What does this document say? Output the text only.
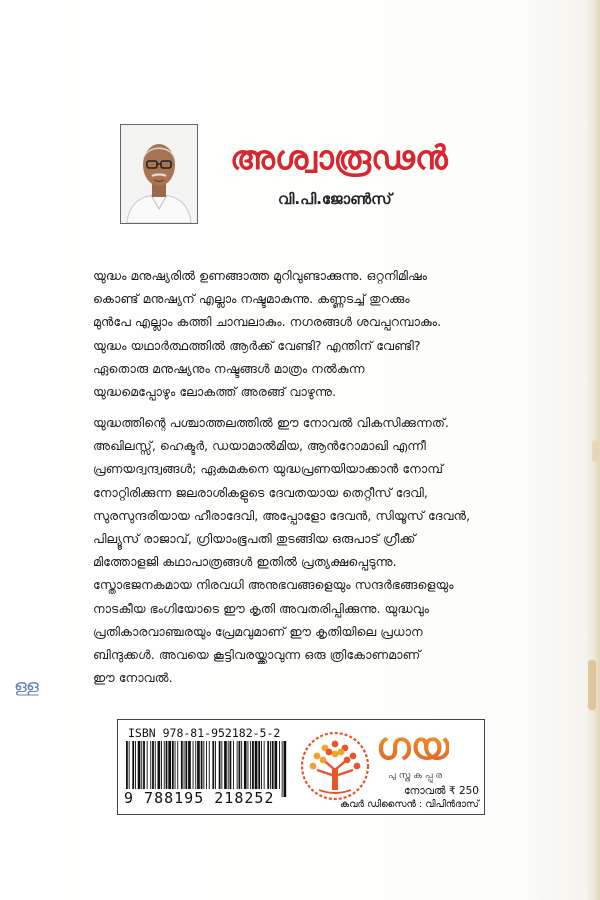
അശ്വാരൂഢൻ
വി.പി.ജോൺസ്
യുദ്ധം മനുഷ്യരിൽ ഉണങ്ങാത്ത മുറിവുണ്ടാക്കുന്നു. ഒറ്റനിമിഷം
കൊണ്ട് മനുഷ്യന് എല്ലാം നഷ്ടമാകുന്നു. കണ്ണടച്ച് തുറക്കും
മുൻപേ എല്ലാം കത്തി ചാമ്പലാകും. നഗരങ്ങൾ ശവപ്പറമ്പാകും.
യുദ്ധം യഥാർത്ഥത്തിൽ ആർക്ക് വേണ്ടി? എന്തിന് വേണ്ടി?
ഏതൊരു മനുഷ്യനും നഷ്ടങ്ങൾ മാത്രം നൽകുന്ന
യുദ്ധമെപ്പോഴും ലോകത്ത് അരങ്ങ് വാഴുന്നു.
യുദ്ധത്തിന്റെ പശ്ചാത്തലത്തിൽ ഈ നോവൽ വികസിക്കുന്നത്.
അഖിലസ്സ്, ഹെക്ടർ, ഡയാമാൽമിയ, ആൻറോമാഖി എന്നീ
പ്രണയദ്വന്ദ്വങ്ങൾ; ഏകമകനെ യുദ്ധപ്രണയിയാക്കാൻ നോമ്പ്
നോറ്റിരിക്കുന്ന ജലരാശികളുടെ ദേവതയായ തെറ്റീസ് ദേവി,
സുരസുന്ദരിയായ ഹീരാദേവി, അപ്പോളോ ദേവൻ, സിയൂസ് ദേവൻ,
പില്യൂസ് രാജാവ്, ഗ്രിയാംഭൂപതി തുടങ്ങിയ ഒരുപാട് ഗ്രീക്ക്
മിത്തോളജി കഥാപാത്രങ്ങൾ ഇതിൽ പ്രത്യക്ഷപ്പെടുന്നു.
സ്തോഭജനകമായ നിരവധി അനുഭവങ്ങളെയും സന്ദർഭങ്ങളെയും
നാടകീയ ഭംഗിയോടെ ഈ കൃതി അവതരിപ്പിക്കുന്നു. യുദ്ധവും
പ്രതികാരവാഞ്ചരയും പ്രേമവുമാണ് ഈ കൃതിയിലെ പ്രധാന
ബിന്ദുക്കൾ. അവയെ കൂട്ടിവരയ്ക്കാവുന്ന ഒരു ത്രികോണമാണ്
ഈ നോവൽ.
ള്ള
ISBN 978-81-952182-5-2
9 788195 218252
ഗയ
പുസ്തകപ്പുര
നോവൽ ₹ 250
കവർ ഡിസൈൻ : വിപിൻദാസ്
